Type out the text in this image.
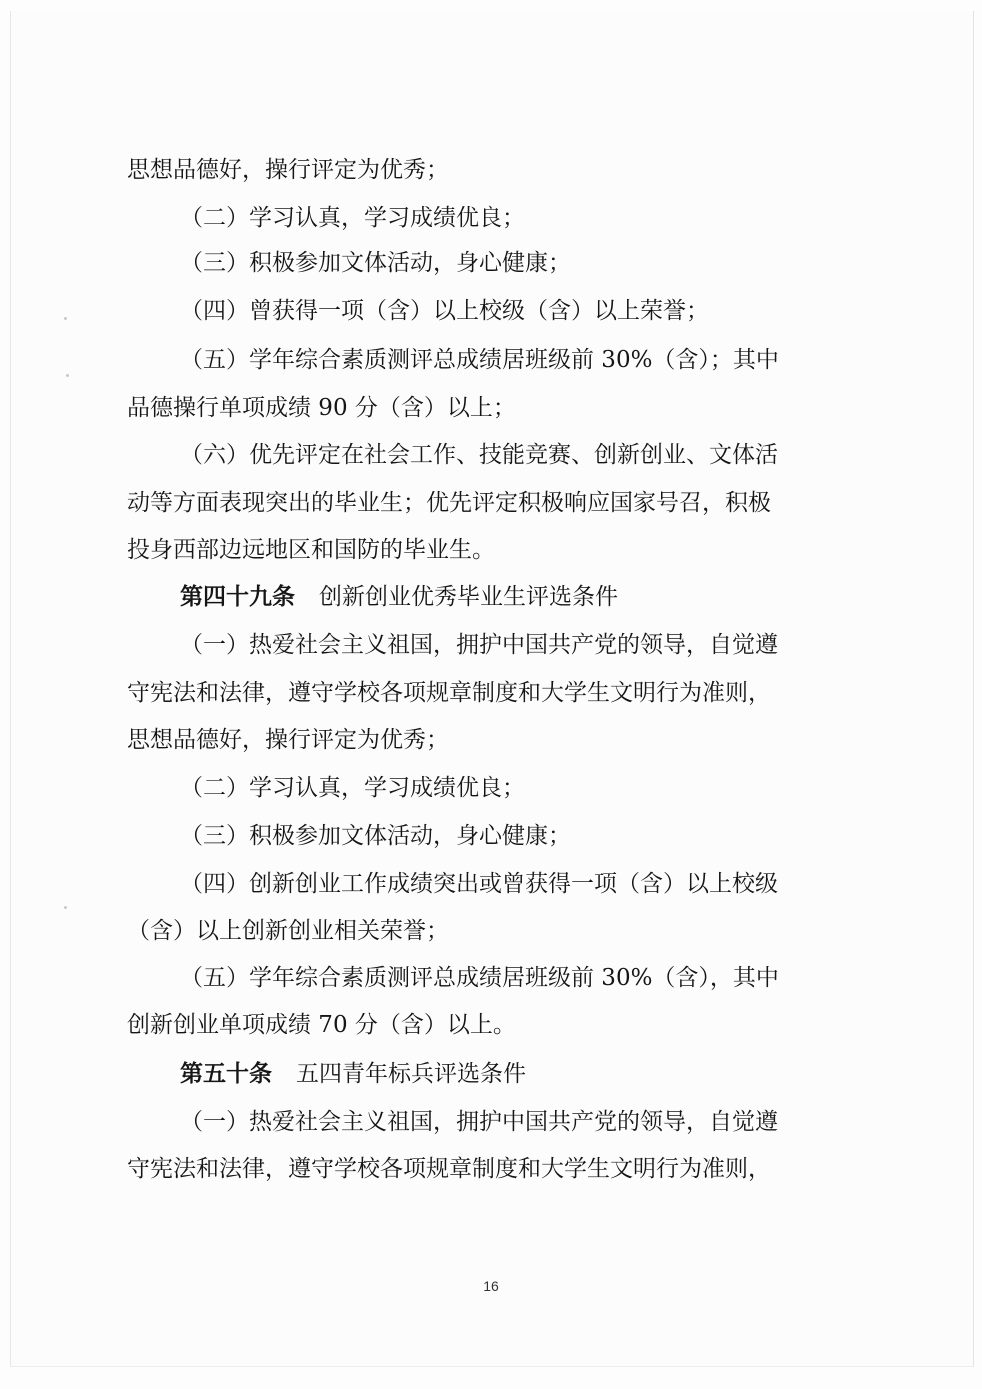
思想品德好，操行评定为优秀；
（二）学习认真，学习成绩优良；
（三）积极参加文体活动，身心健康；
（四）曾获得一项（含）以上校级（含）以上荣誉；
（五）学年综合素质测评总成绩居班级前 30%（含）；其中
品德操行单项成绩 90 分（含）以上；
（六）优先评定在社会工作、技能竞赛、创新创业、文体活
动等方面表现突出的毕业生；优先评定积极响应国家号召，积极
投身西部边远地区和国防的毕业生。
第四十九条 创新创业优秀毕业生评选条件
（一）热爱社会主义祖国，拥护中国共产党的领导，自觉遵
守宪法和法律，遵守学校各项规章制度和大学生文明行为准则，
思想品德好，操行评定为优秀；
（二）学习认真，学习成绩优良；
（三）积极参加文体活动，身心健康；
（四）创新创业工作成绩突出或曾获得一项（含）以上校级
（含）以上创新创业相关荣誉；
（五）学年综合素质测评总成绩居班级前 30%（含），其中
创新创业单项成绩 70 分（含）以上。
第五十条 五四青年标兵评选条件
（一）热爱社会主义祖国，拥护中国共产党的领导，自觉遵
守宪法和法律，遵守学校各项规章制度和大学生文明行为准则，
16
